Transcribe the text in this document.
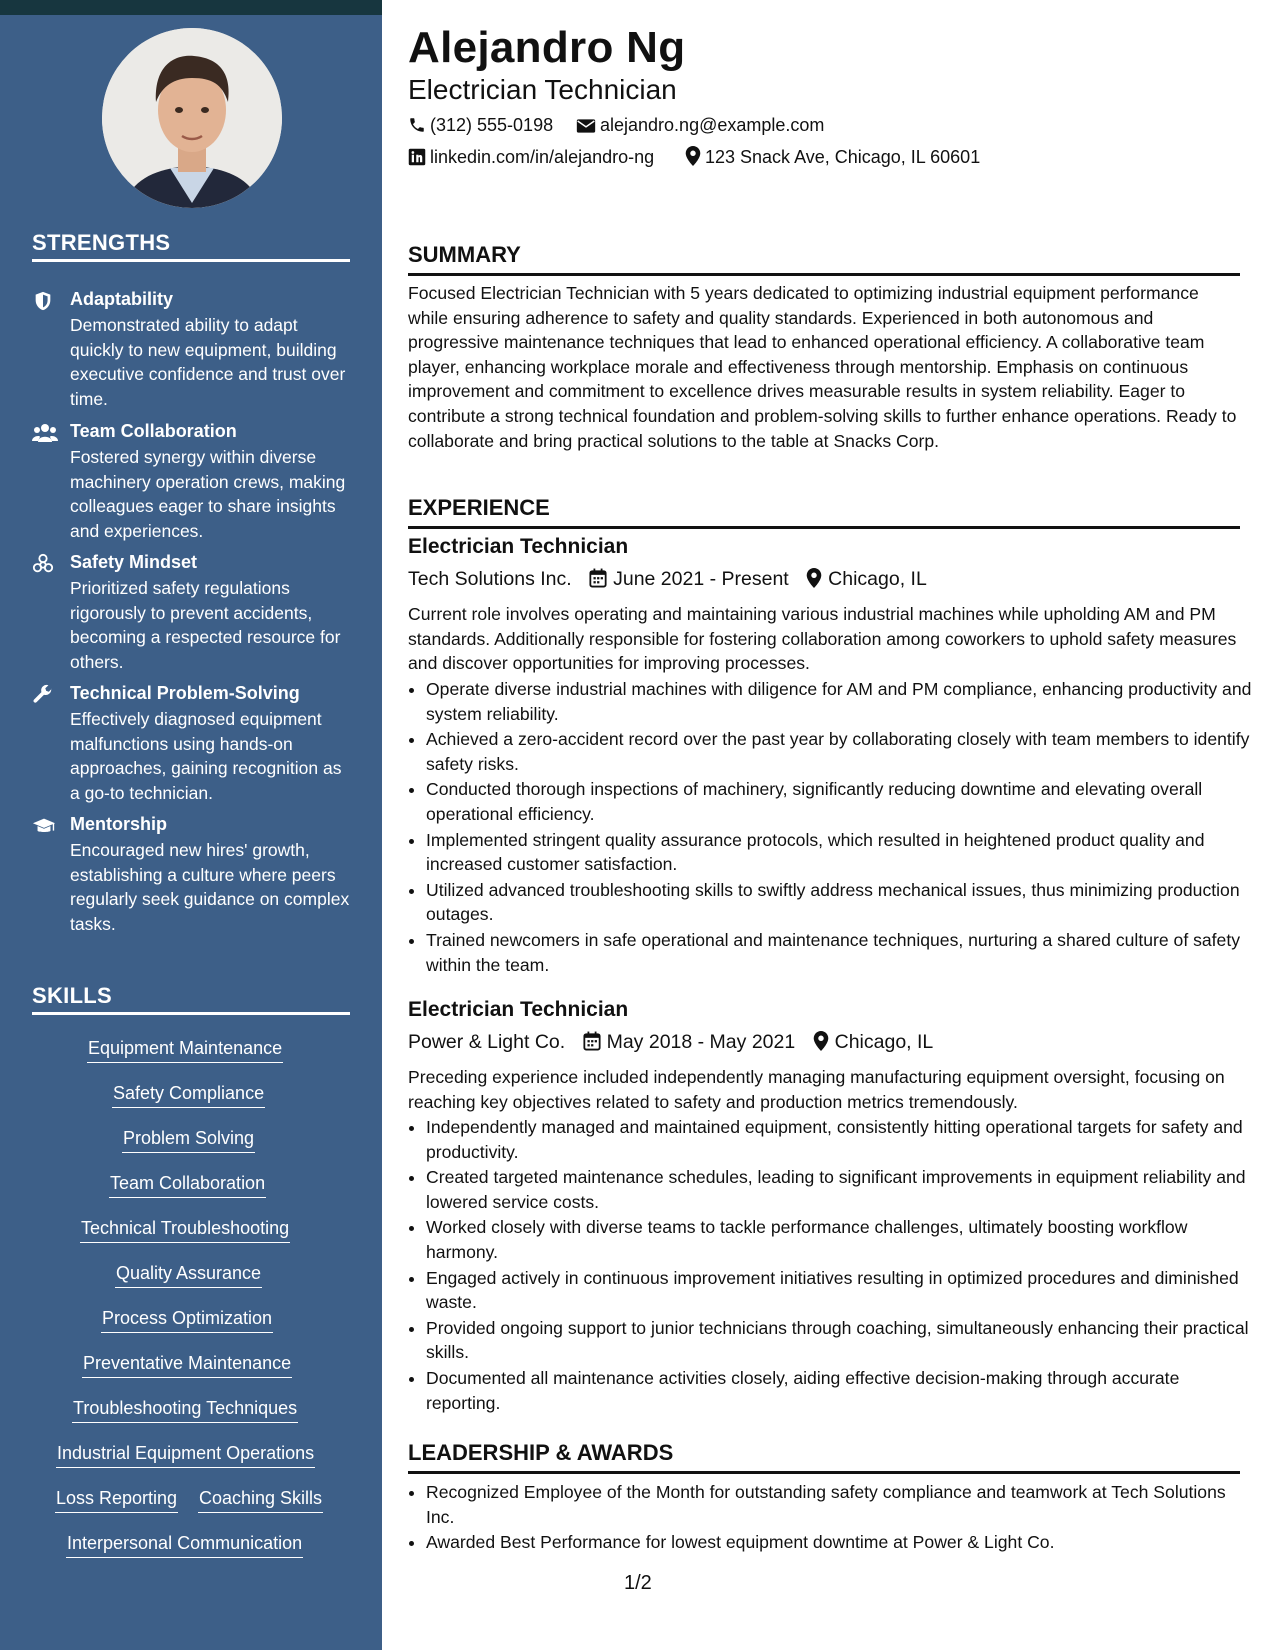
STRENGTHS
Adaptability
Demonstrated ability to adapt quickly to new equipment, building executive confidence and trust over time.
Team Collaboration
Fostered synergy within diverse machinery operation crews, making colleagues eager to share insights and experiences.
Safety Mindset
Prioritized safety regulations rigorously to prevent accidents, becoming a respected resource for others.
Technical Problem-Solving
Effectively diagnosed equipment malfunctions using hands-on approaches, gaining recognition as a go-to technician.
Mentorship
Encouraged new hires' growth, establishing a culture where peers regularly seek guidance on complex tasks.
SKILLS
Equipment Maintenance
Safety Compliance
Problem Solving
Team Collaboration
Technical Troubleshooting
Quality Assurance
Process Optimization
Preventative Maintenance
Troubleshooting Techniques
Industrial Equipment Operations
Loss Reporting Coaching Skills
Interpersonal Communication
Alejandro Ng
Electrician Technician
(312) 555-0198	alejandro.ng@example.com
linkedin.com/in/alejandro-ng	123 Snack Ave, Chicago, IL 60601
SUMMARY
Focused Electrician Technician with 5 years dedicated to optimizing industrial equipment performance while ensuring adherence to safety and quality standards. Experienced in both autonomous and progressive maintenance techniques that lead to enhanced operational efficiency. A collaborative team player, enhancing workplace morale and effectiveness through mentorship. Emphasis on continuous improvement and commitment to excellence drives measurable results in system reliability. Eager to contribute a strong technical foundation and problem-solving skills to further enhance operations. Ready to collaborate and bring practical solutions to the table at Snacks Corp.
EXPERIENCE
Electrician Technician
Tech Solutions Inc. June 2021 - Present Chicago, IL
Current role involves operating and maintaining various industrial machines while upholding AM and PM standards. Additionally responsible for fostering collaboration among coworkers to uphold safety measures and discover opportunities for improving processes.
• Operate diverse industrial machines with diligence for AM and PM compliance, enhancing productivity and system reliability.
• Achieved a zero-accident record over the past year by collaborating closely with team members to identify safety risks.
• Conducted thorough inspections of machinery, significantly reducing downtime and elevating overall operational efficiency.
• Implemented stringent quality assurance protocols, which resulted in heightened product quality and increased customer satisfaction.
• Utilized advanced troubleshooting skills to swiftly address mechanical issues, thus minimizing production outages.
• Trained newcomers in safe operational and maintenance techniques, nurturing a shared culture of safety within the team.
Electrician Technician
Power & Light Co. May 2018 - May 2021 Chicago, IL
Preceding experience included independently managing manufacturing equipment oversight, focusing on reaching key objectives related to safety and production metrics tremendously.
• Independently managed and maintained equipment, consistently hitting operational targets for safety and productivity.
• Created targeted maintenance schedules, leading to significant improvements in equipment reliability and lowered service costs.
• Worked closely with diverse teams to tackle performance challenges, ultimately boosting workflow harmony.
• Engaged actively in continuous improvement initiatives resulting in optimized procedures and diminished waste.
• Provided ongoing support to junior technicians through coaching, simultaneously enhancing their practical skills.
• Documented all maintenance activities closely, aiding effective decision-making through accurate reporting.
LEADERSHIP & AWARDS
• Recognized Employee of the Month for outstanding safety compliance and teamwork at Tech Solutions Inc.
• Awarded Best Performance for lowest equipment downtime at Power & Light Co.
1/2
